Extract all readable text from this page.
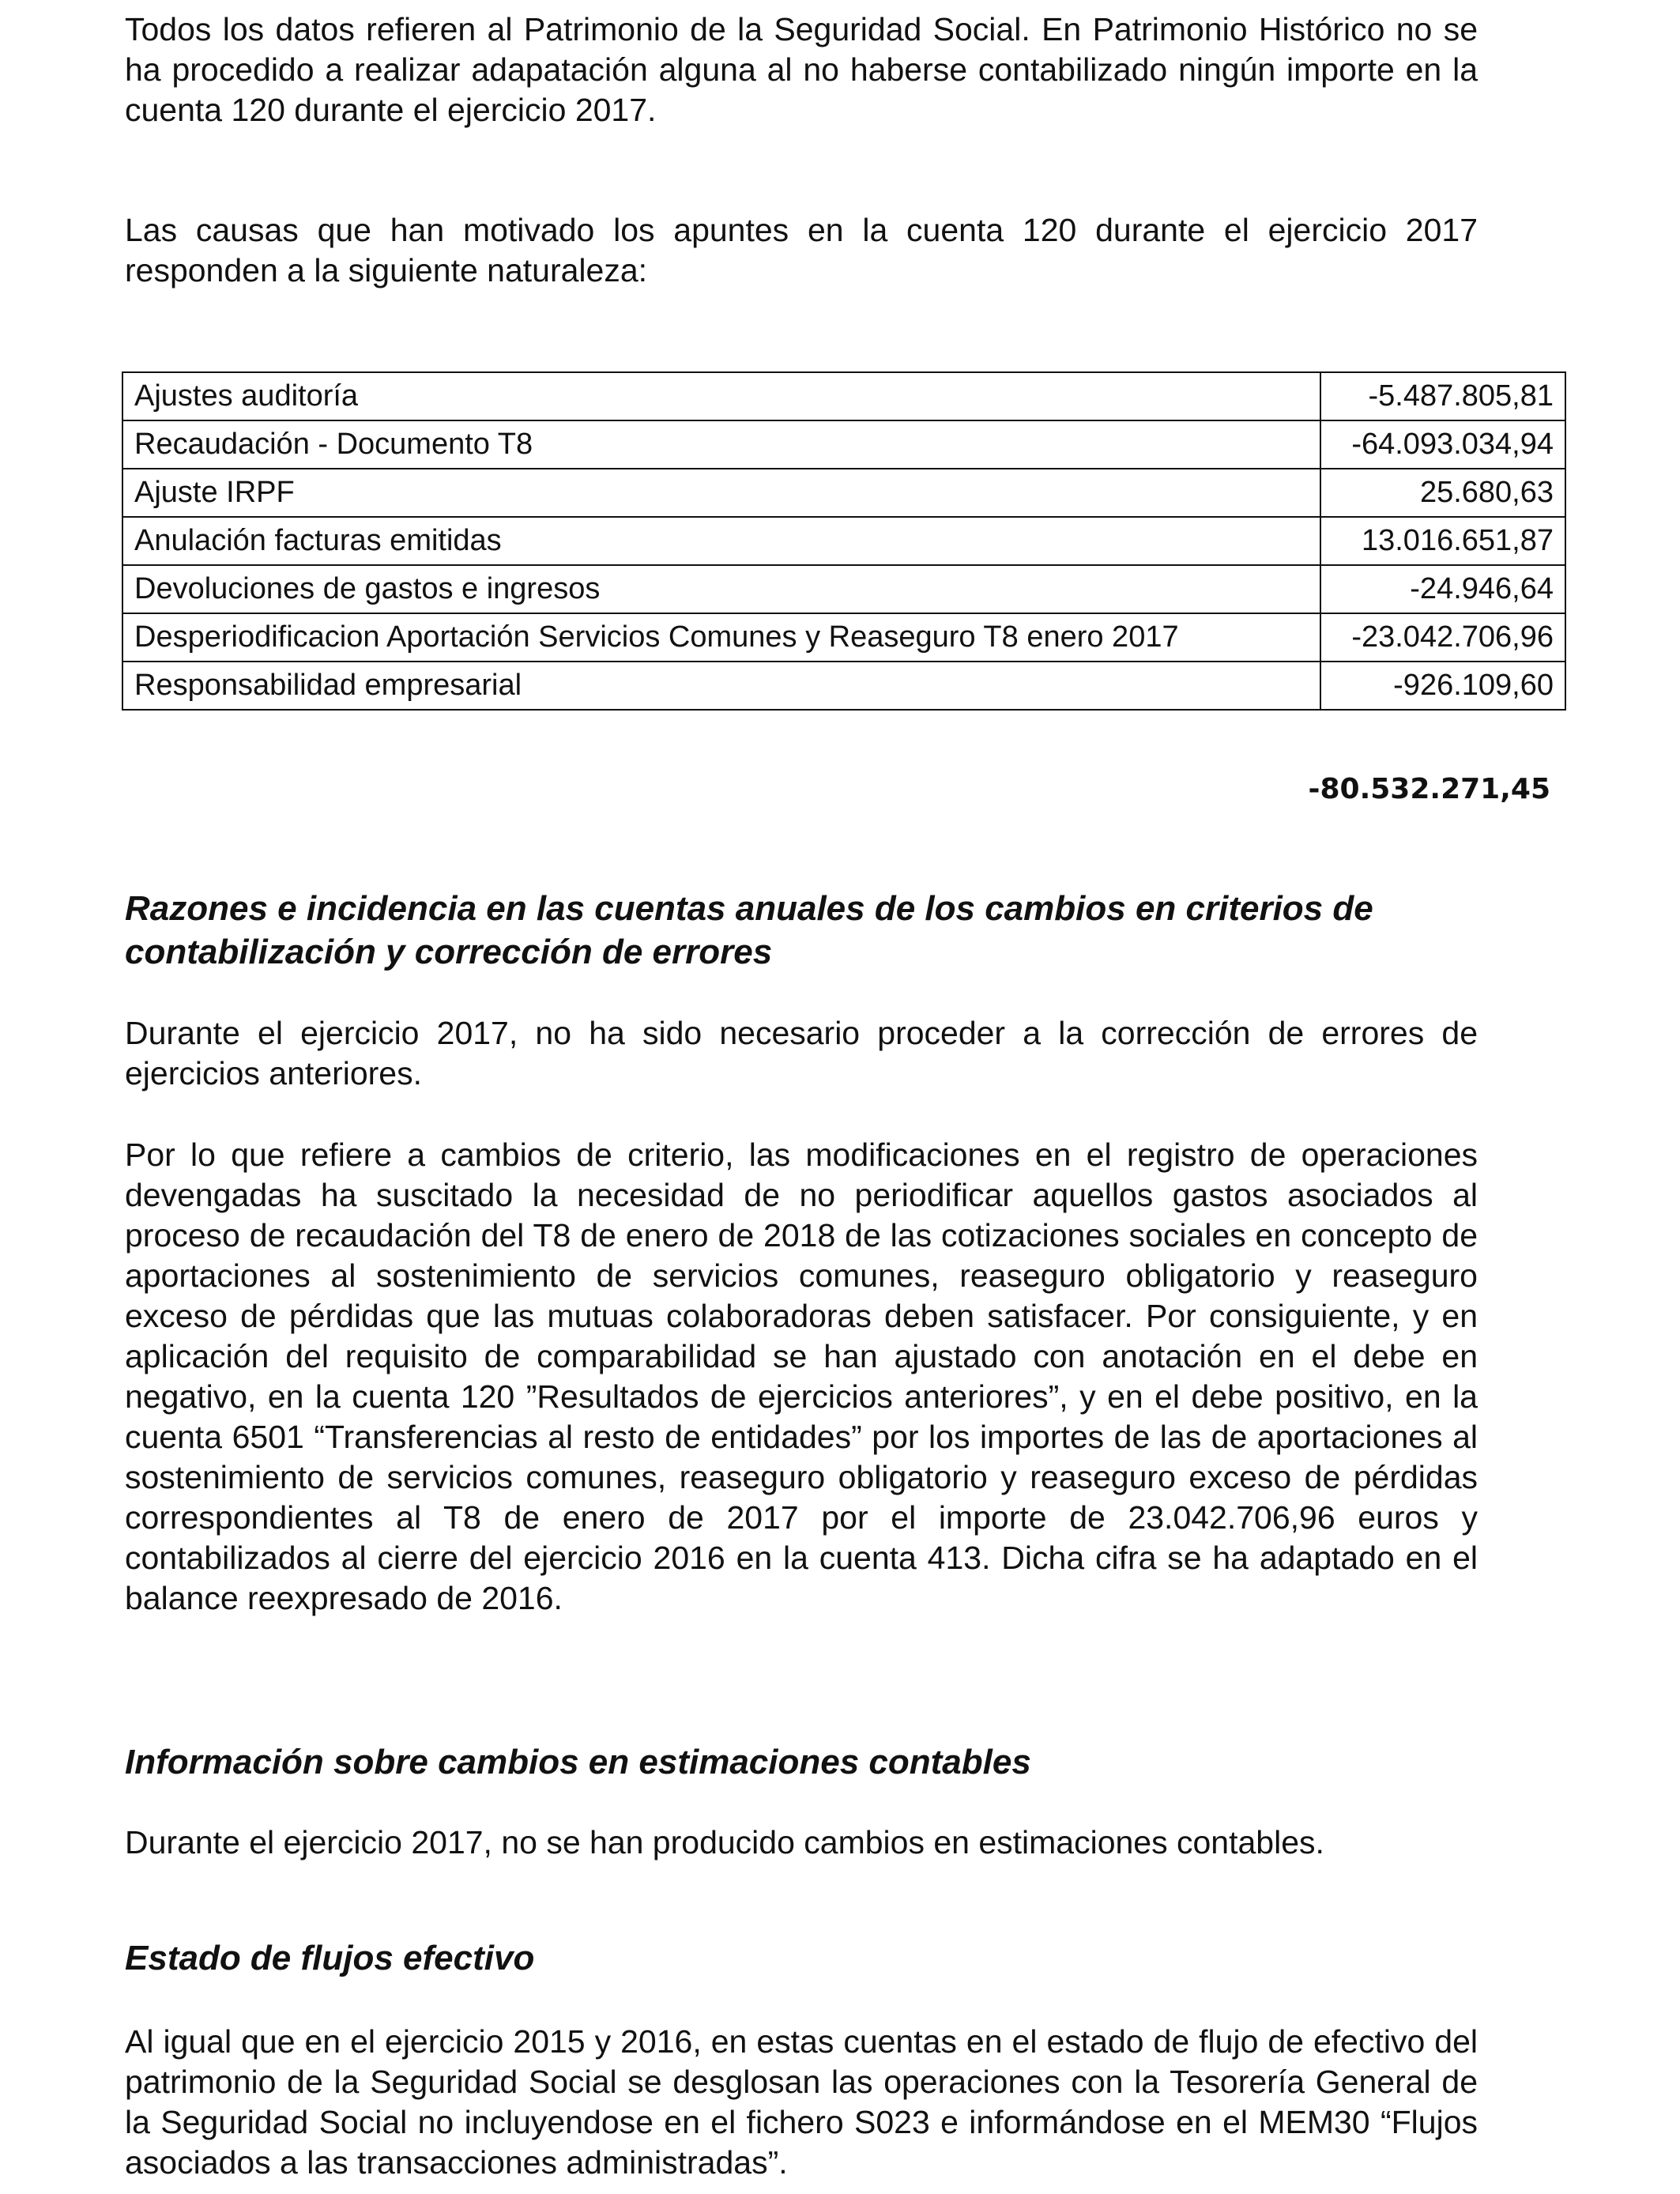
Todos los datos refieren al Patrimonio de la Seguridad Social. En Patrimonio Histórico no se ha procedido a realizar adapatación alguna al no haberse contabilizado ningún importe en la cuenta 120 durante el ejercicio 2017.

Las causas que han motivado los apuntes en la cuenta 120 durante el ejercicio 2017 responden a la siguiente naturaleza:

Ajustes auditoría	-5.487.805,81
Recaudación - Documento T8	-64.093.034,94
Ajuste IRPF	25.680,63
Anulación facturas emitidas	13.016.651,87
Devoluciones de gastos e ingresos	-24.946,64
Desperiodificacion Aportación Servicios Comunes y Reaseguro T8 enero 2017	-23.042.706,96
Responsabilidad empresarial	-926.109,60
-80.532.271,45
Razones e incidencia en las cuentas anuales de los cambios en criterios de contabilización y corrección de errores

Durante el ejercicio 2017, no ha sido necesario proceder a la corrección de errores de ejercicios anteriores.

Por lo que refiere a cambios de criterio, las modificaciones en el registro de operaciones devengadas ha suscitado la necesidad de no periodificar aquellos gastos asociados al proceso de recaudación del T8 de enero de 2018 de las cotizaciones sociales en concepto de aportaciones al sostenimiento de servicios comunes, reaseguro obligatorio y reaseguro exceso de pérdidas que las mutuas colaboradoras deben satisfacer. Por consiguiente, y en aplicación del requisito de comparabilidad se han ajustado con anotación en el debe en negativo, en la cuenta 120 ”Resultados de ejercicios anteriores”, y en el debe positivo, en la cuenta 6501 “Transferencias al resto de entidades” por los importes de las de aportaciones al sostenimiento de servicios comunes, reaseguro obligatorio y reaseguro exceso de pérdidas correspondientes al T8 de enero de 2017 por el importe de 23.042.706,96 euros y contabilizados al cierre del ejercicio 2016 en la cuenta 413. Dicha cifra se ha adaptado en el balance reexpresado de 2016.

Información sobre cambios en estimaciones contables

Durante el ejercicio 2017, no se han producido cambios en estimaciones contables.

Estado de flujos efectivo

Al igual que en el ejercicio 2015 y 2016, en estas cuentas en el estado de flujo de efectivo del patrimonio de la Seguridad Social se desglosan las operaciones con la Tesorería General de la Seguridad Social no incluyendose en el fichero S023 e informándose en el MEM30 “Flujos asociados a las transacciones administradas”.
